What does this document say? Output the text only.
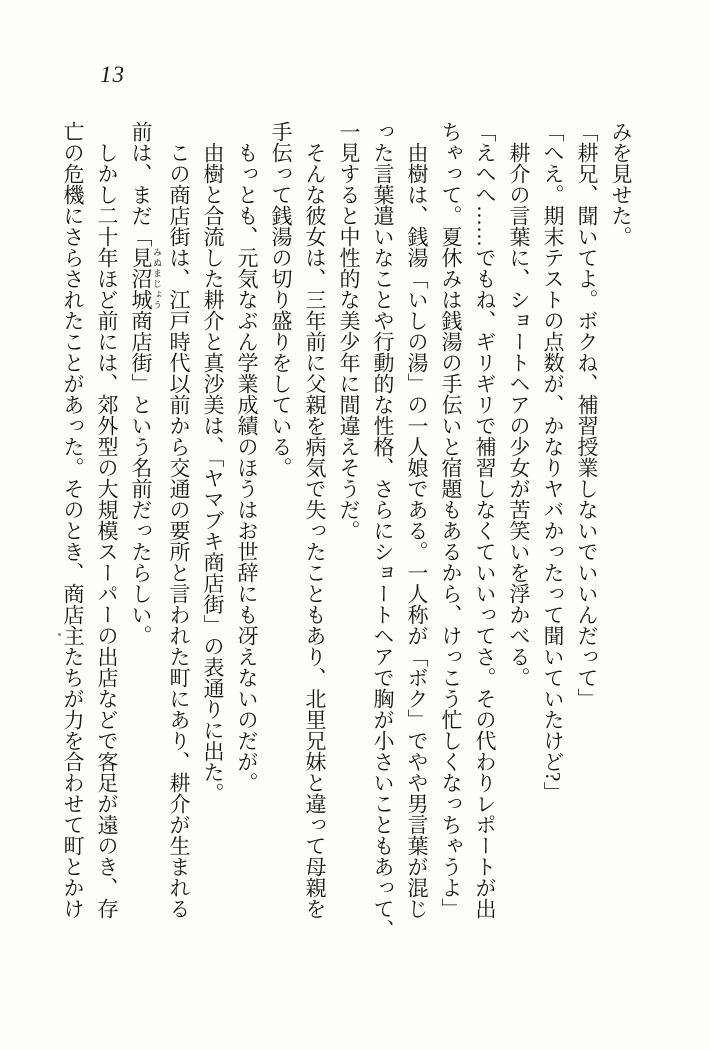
13

みを見せた。

「耕兄、聞いてよ。ボクね、補習授業しないでいいんだって」

「へえ。期末テストの点数が、かなりヤバかったって聞いていたけど?」

　耕介の言葉に、ショートヘアの少女が苦笑いを浮かべる。

「えへへ……でもね、ギリギリで補習しなくていいってさ。その代わりレポートが出

ちゃって。夏休みは銭湯の手伝いと宿題もあるから、けっこう忙しくなっちゃうよ」

　由樹は、銭湯「いしの湯」の一人娘である。一人称が「ボク」でやや男言葉が混じ

った言葉遣いなことや行動的な性格、さらにショートヘアで胸が小さいこともあって、

一見すると中性的な美少年に間違えそうだ。

　そんな彼女は、三年前に父親を病気で失ったこともあり、北里兄妹と違って母親を

手伝って銭湯の切り盛りをしている。

　もっとも、元気なぶん学業成績のほうはお世辞にも冴えないのだが。

　由樹と合流した耕介と真沙美は、「ヤマブキ商店街」の表通りに出た。

　この商店街は、江戸時代以前から交通の要所と言われた町にあり、耕介が生まれる

前は、まだ「見沼城 みぬまじょう商店街」という名前だったらしい。

　しかし二十年ほど前には、郊外型の大規模スーパーの出店などで客足が遠のき、存

亡の危機にさらされたことがあった。そのとき、商店主たちが力を合わせて町とかけ
